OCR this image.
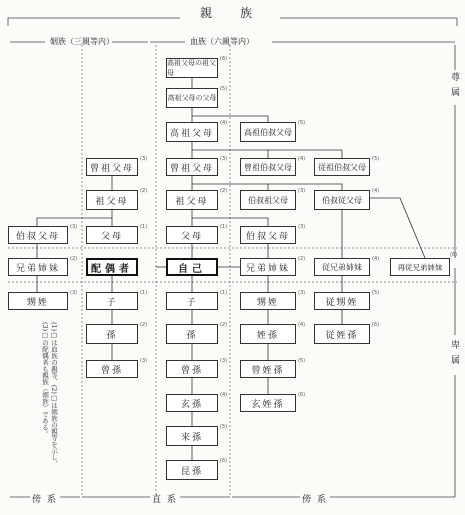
親　族
姻族（三親等内）	血族（六親等内）
尊属
卑属
傍系	直系	傍系
(1)□は血族の親等、(2)□は姻族の親等を示し、(3)□の配偶者も親族（姻族）である。
高祖父母の祖父母
高祖父母の父母
高祖父母
曾祖父母
祖父母
父母
自己
子
孫
曾孫
玄孫
来孫
昆孫
高祖伯叔父母
曾祖伯叔父母	従祖伯叔父母
伯叔祖父母	伯叔従父母
伯叔父母
兄弟姉妹	従兄弟姉妹	再従兄弟姉妹
甥姪	従甥姪
姪孫	従姪孫
曾姪孫
玄姪孫
曾祖父母
祖父母
伯叔父母	父母
兄弟姉妹	配偶者
甥姪	子
孫
曾孫
(6)
(5)
(4)	(5)
(3)	(4)	(5)
(2)	(3)	(4)
(1)	(3)
(2)	(4)
(6)
(1)	(3)	(5)
(2)	(4)	(6)
(3)	(5)
(4)	(6)
(5)
(6)
(3)
(2)
(3)	(1)
(2)
(3)	(1)
(2)
(3)
